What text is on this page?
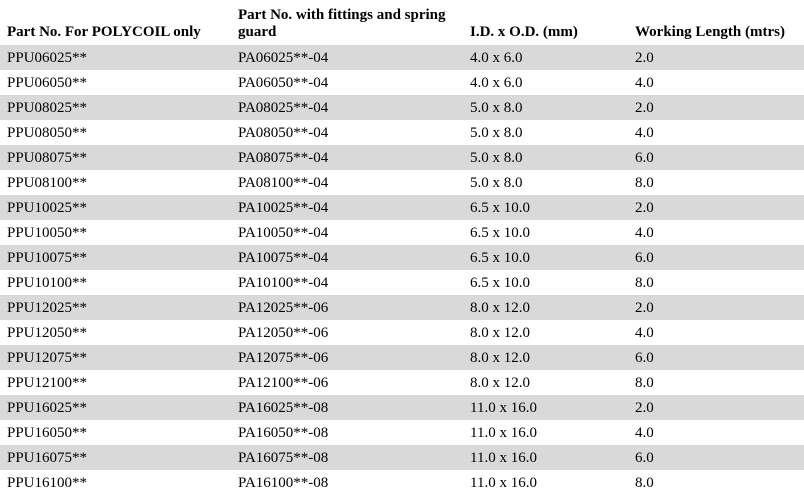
Part No. For POLYCOIL only	Part No. with fittings and spring guard	I.D. x O.D. (mm)	Working Length (mtrs)
PPU06025**	PA06025**-04	4.0 x 6.0	2.0
PPU06050**	PA06050**-04	4.0 x 6.0	4.0
PPU08025**	PA08025**-04	5.0 x 8.0	2.0
PPU08050**	PA08050**-04	5.0 x 8.0	4.0
PPU08075**	PA08075**-04	5.0 x 8.0	6.0
PPU08100**	PA08100**-04	5.0 x 8.0	8.0
PPU10025**	PA10025**-04	6.5 x 10.0	2.0
PPU10050**	PA10050**-04	6.5 x 10.0	4.0
PPU10075**	PA10075**-04	6.5 x 10.0	6.0
PPU10100**	PA10100**-04	6.5 x 10.0	8.0
PPU12025**	PA12025**-06	8.0 x 12.0	2.0
PPU12050**	PA12050**-06	8.0 x 12.0	4.0
PPU12075**	PA12075**-06	8.0 x 12.0	6.0
PPU12100**	PA12100**-06	8.0 x 12.0	8.0
PPU16025**	PA16025**-08	11.0 x 16.0	2.0
PPU16050**	PA16050**-08	11.0 x 16.0	4.0
PPU16075**	PA16075**-08	11.0 x 16.0	6.0
PPU16100**	PA16100**-08	11.0 x 16.0	8.0
